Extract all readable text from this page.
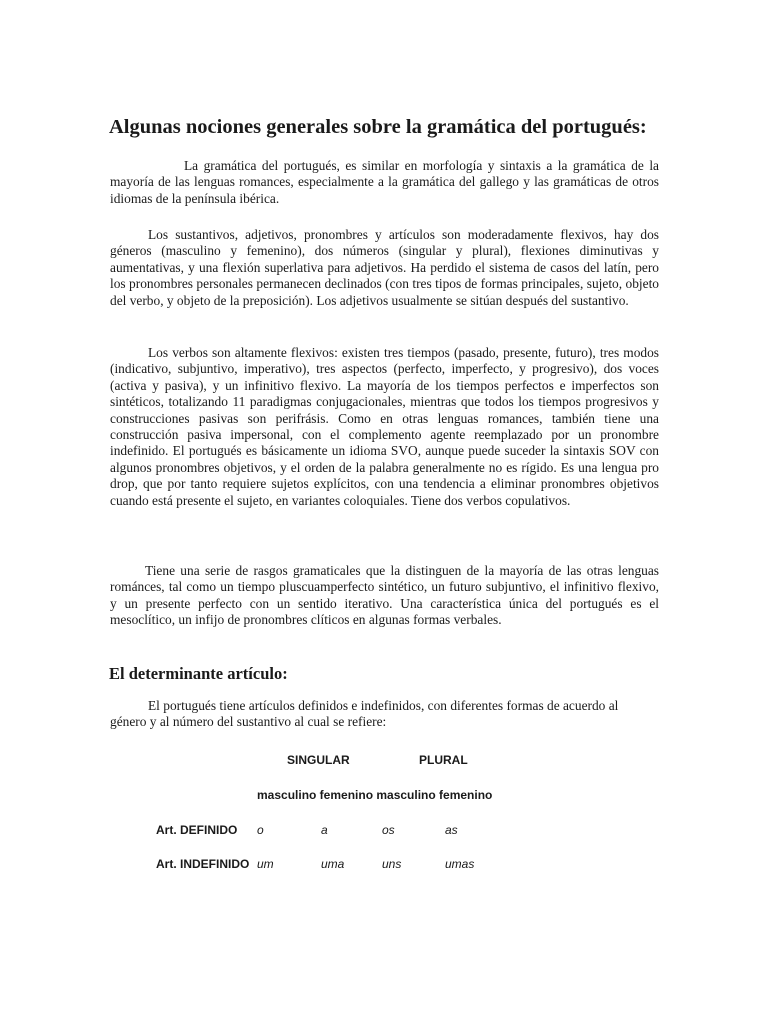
Algunas nociones generales sobre la gramática del portugués:

La gramática del portugués, es similar en morfología y sintaxis a la gramática de la mayoría de las lenguas romances, especialmente a la gramática del gallego y las gramáticas de otros idiomas de la península ibérica.

Los sustantivos, adjetivos, pronombres y artículos son moderadamente flexivos, hay dos géneros (masculino y femenino), dos números (singular y plural), flexiones diminutivas y aumentativas, y una flexión superlativa para adjetivos. Ha perdido el sistema de casos del latín, pero los pronombres personales permanecen declinados (con tres tipos de formas principales, sujeto, objeto del verbo, y objeto de la preposición). Los adjetivos usualmente se sitúan después del sustantivo.

Los verbos son altamente flexivos: existen tres tiempos (pasado, presente, futuro), tres modos (indicativo, subjuntivo, imperativo), tres aspectos (perfecto, imperfecto, y progresivo), dos voces (activa y pasiva), y un infinitivo flexivo. La mayoría de los tiempos perfectos e imperfectos son sintéticos, totalizando 11 paradigmas conjugacionales, mientras que todos los tiempos progresivos y construcciones pasivas son perifrásis. Como en otras lenguas romances, también tiene una construcción pasiva impersonal, con el complemento agente reemplazado por un pronombre indefinido. El portugués es básicamente un idioma SVO, aunque puede suceder la sintaxis SOV con algunos pronombres objetivos, y el orden de la palabra generalmente no es rígido. Es una lengua pro drop, que por tanto requiere sujetos explícitos, con una tendencia a eliminar pronombres objetivos cuando está presente el sujeto, en variantes coloquiales. Tiene dos verbos copulativos.

Tiene una serie de rasgos gramaticales que la distinguen de la mayoría de las otras lenguas románces, tal como un tiempo pluscuamperfecto sintético, un futuro subjuntivo, el infinitivo flexivo, y un presente perfecto con un sentido iterativo. Una característica única del portugués es el mesoclítico, un infijo de pronombres clíticos en algunas formas verbales.

El determinante artículo:

El portugués tiene artículos definidos e indefinidos, con diferentes formas de acuerdo al género y al número del sustantivo al cual se refiere:

SINGULAR	PLURAL
masculino femenino masculino femenino
Art. DEFINIDO o	a	os	as
Art. INDEFINIDO um	uma	uns	umas
